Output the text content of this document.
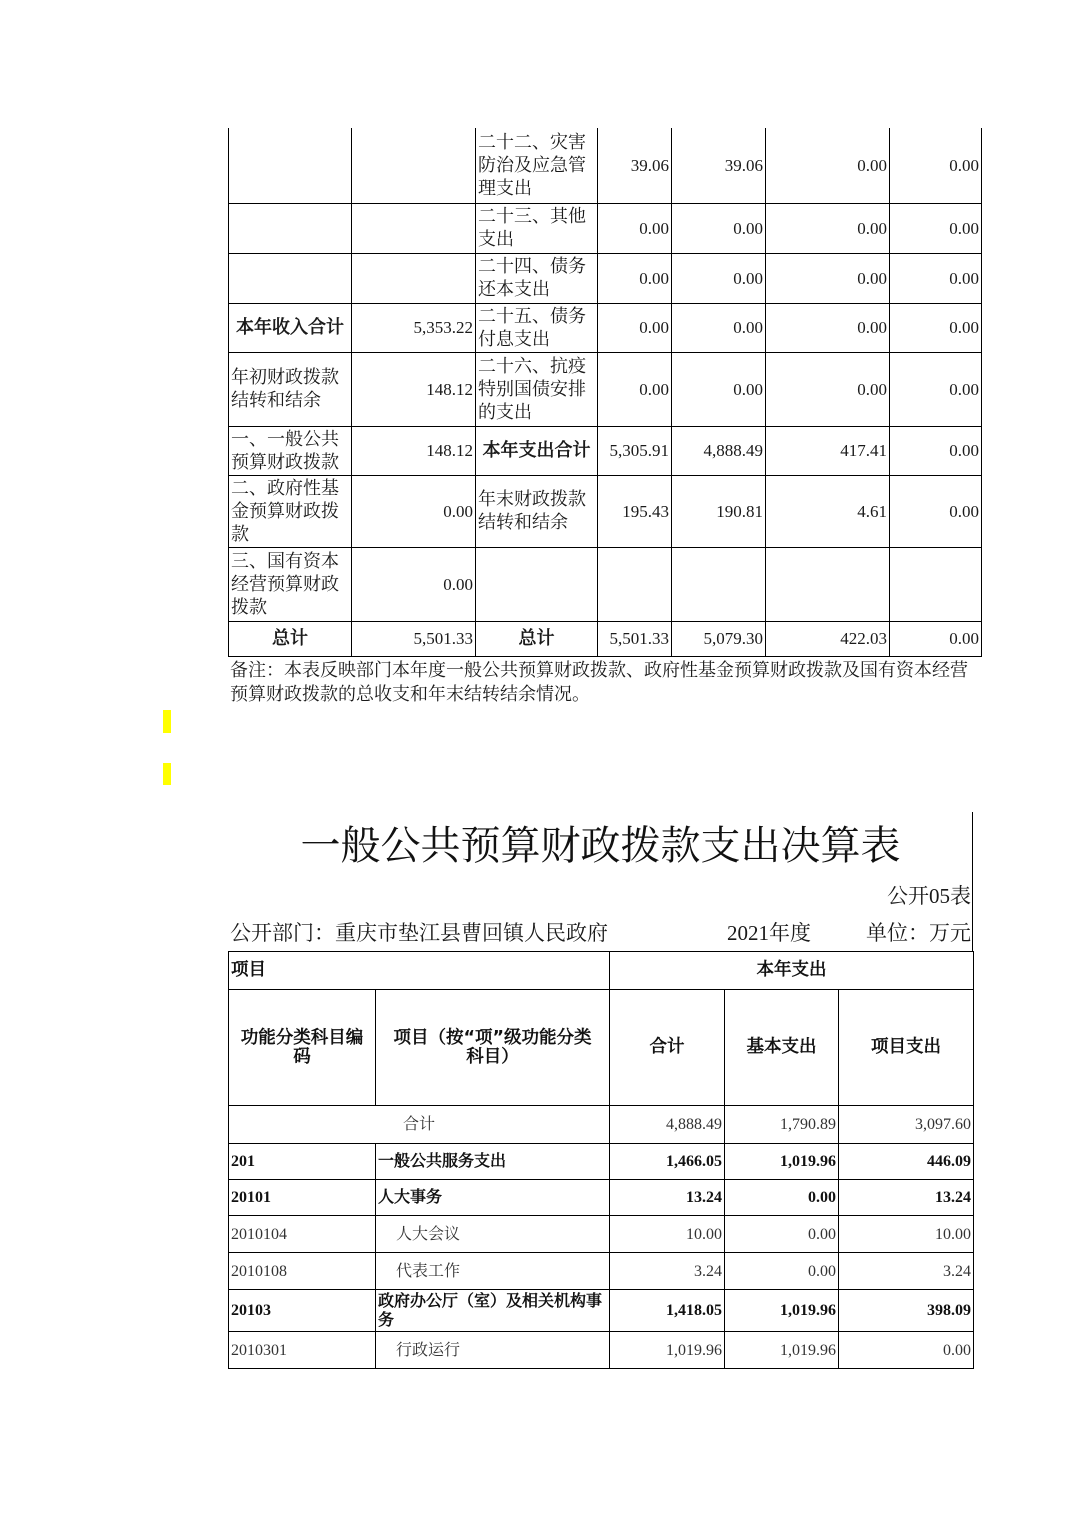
		二十二、灾害防治及应急管理支出	39.06	39.06	0.00	0.00
		二十三、其他支出	0.00	0.00	0.00	0.00
		二十四、债务还本支出	0.00	0.00	0.00	0.00
本年收入合计	5,353.22	二十五、债务付息支出	0.00	0.00	0.00	0.00
年初财政拨款结转和结余	148.12	二十六、抗疫特别国债安排的支出	0.00	0.00	0.00	0.00
一、一般公共预算财政拨款	148.12	本年支出合计	5,305.91	4,888.49	417.41	0.00
二、政府性基金预算财政拨款	0.00	年末财政拨款结转和结余	195.43	190.81	4.61	0.00
三、国有资本经营预算财政拨款	0.00					
总计	5,501.33	总计	5,501.33	5,079.30	422.03	0.00
备注：本表反映部门本年度一般公共预算财政拨款、政府性基金预算财政拨款及国有资本经营预算财政拨款的总收支和年末结转结余情况。
一般公共预算财政拨款支出决算表
公开05表
公开部门：重庆市垫江县曹回镇人民政府	2021年度	单位：万元
项目		本年支出		
功能分类科目编码	项目（按“项”级功能分类科目）	合计	基本支出	项目支出
合计		4,888.49	1,790.89	3,097.60
201	一般公共服务支出	1,466.05	1,019.96	446.09
20101	人大事务	13.24	0.00	13.24
2010104	人大会议	10.00	0.00	10.00
2010108	代表工作	3.24	0.00	3.24
20103	政府办公厅（室）及相关机构事务	1,418.05	1,019.96	398.09
2010301	行政运行	1,019.96	1,019.96	0.00
